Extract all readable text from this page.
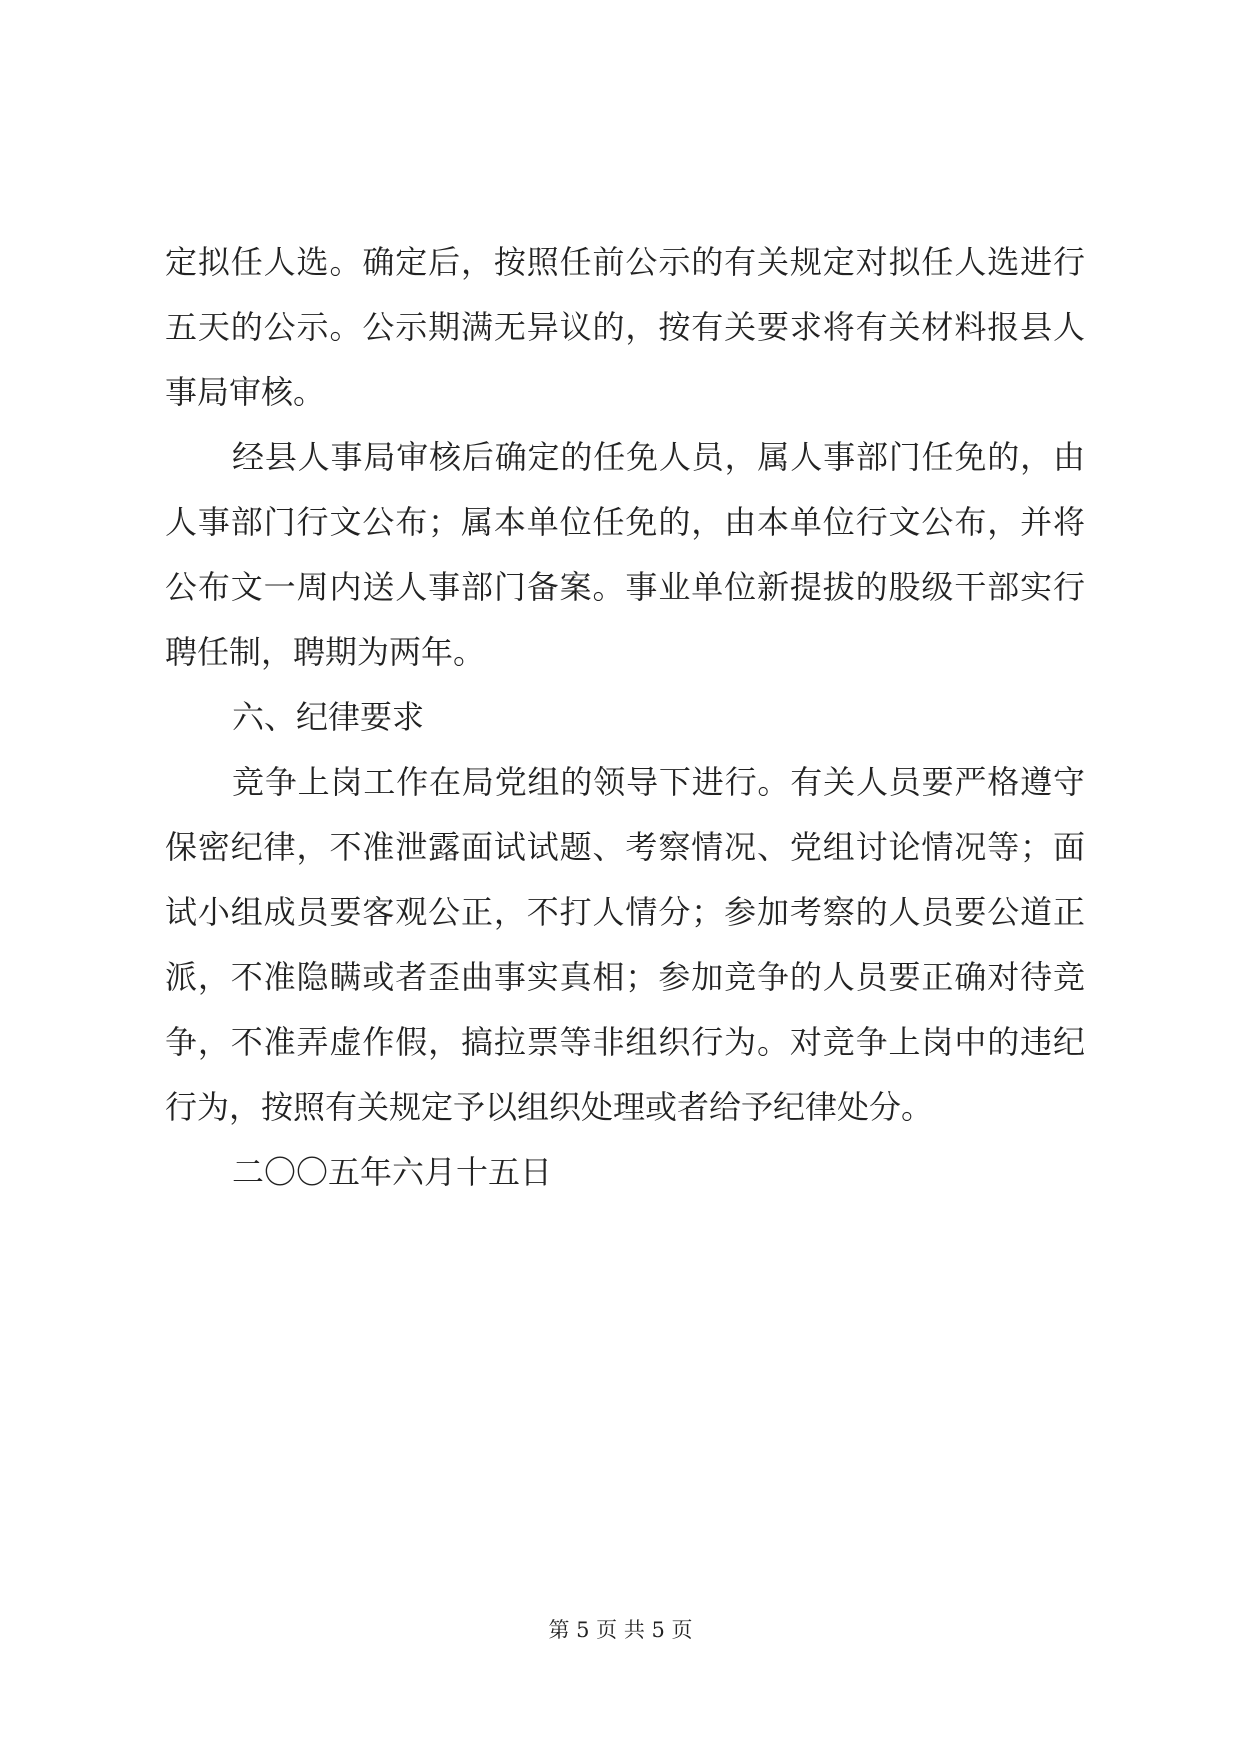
定拟任人选。确定后，按照任前公示的有关规定对拟任人选进行
五天的公示。公示期满无异议的，按有关要求将有关材料报县人
事局审核。
经县人事局审核后确定的任免人员，属人事部门任免的，由
人事部门行文公布；属本单位任免的，由本单位行文公布，并将
公布文一周内送人事部门备案。事业单位新提拔的股级干部实行
聘任制，聘期为两年。
六、纪律要求
竞争上岗工作在局党组的领导下进行。有关人员要严格遵守
保密纪律，不准泄露面试试题、考察情况、党组讨论情况等；面
试小组成员要客观公正，不打人情分；参加考察的人员要公道正
派，不准隐瞒或者歪曲事实真相；参加竞争的人员要正确对待竞
争，不准弄虚作假，搞拉票等非组织行为。对竞争上岗中的违纪
行为，按照有关规定予以组织处理或者给予纪律处分。
二〇〇五年六月十五日
第 5 页 共 5 页
